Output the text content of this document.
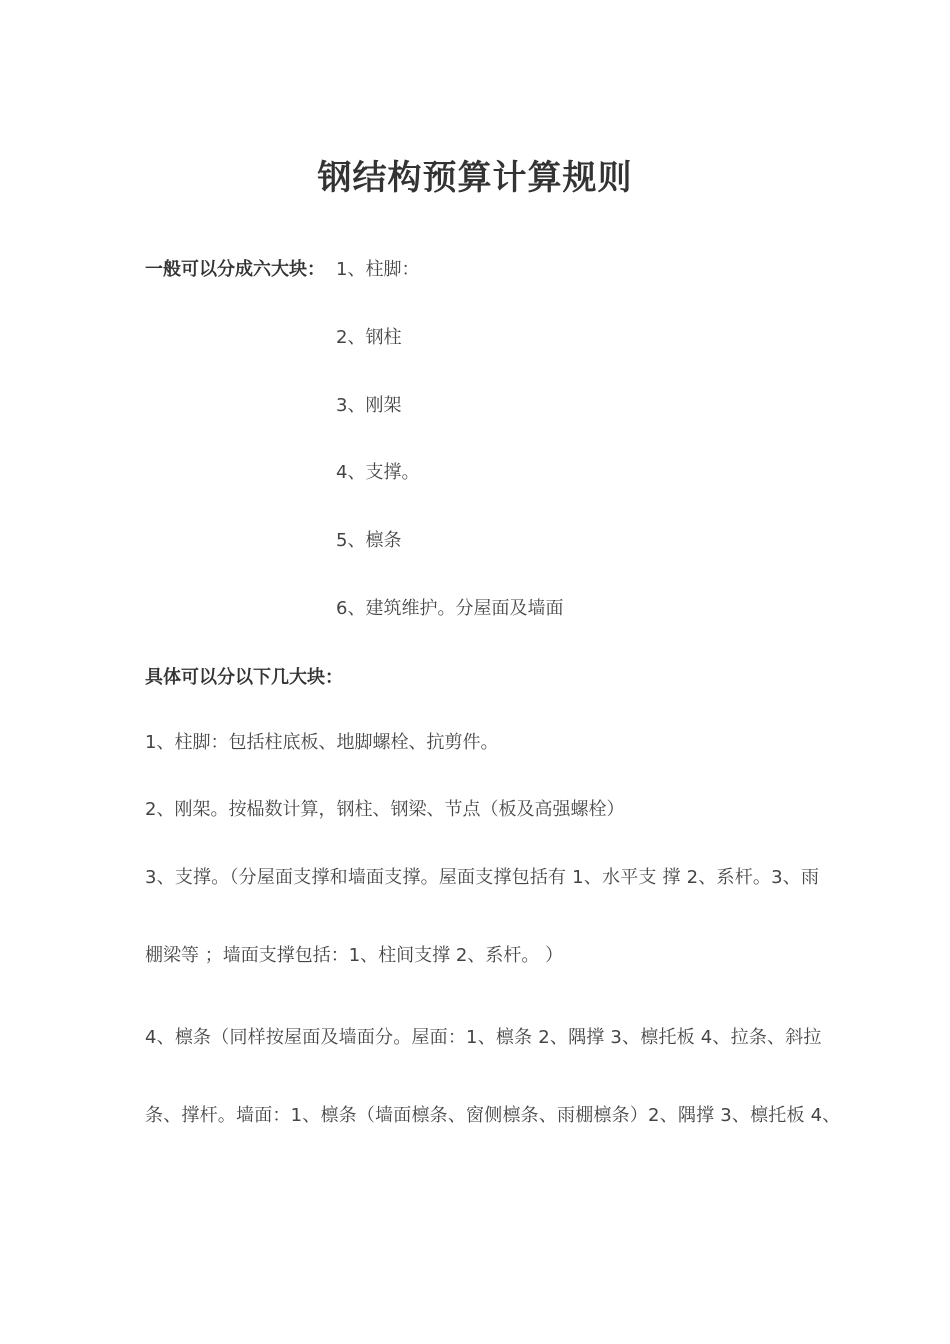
钢结构预算计算规则
一般可以分成六大块： 1、柱脚：
2、钢柱
3、刚架
4、支撑。
5、檩条
6、建筑维护。分屋面及墙面
具体可以分以下几大块：
1、柱脚：包括柱底板、地脚螺栓、抗剪件。
2、刚架。按榀数计算，钢柱、钢梁、节点（板及高强螺栓）
3、支撑。（分屋面支撑和墙面支撑。屋面支撑包括有 1、水平支 撑 2、系杆。3、雨
棚梁等 ；墙面支撑包括：1、柱间支撑 2、系杆。 ）
4、檩条（同样按屋面及墙面分。屋面：1、檩条 2、隅撑 3、檩托板 4、拉条、斜拉
条、撑杆。墙面：1、檩条（墙面檩条、窗侧檩条、雨棚檩条）2、隅撑 3、檩托板 4、
